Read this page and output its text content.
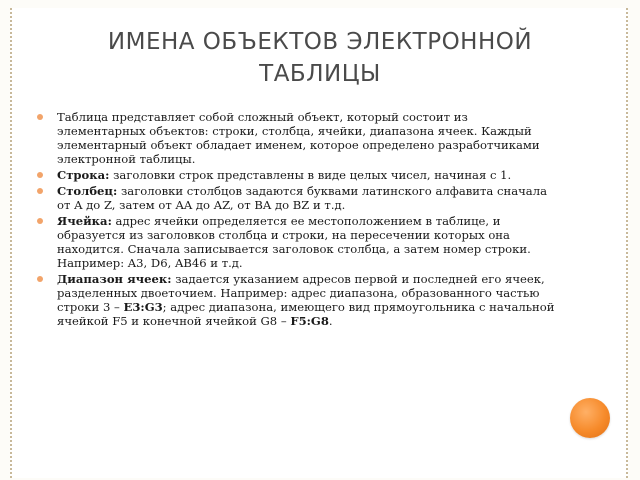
ИМЕНА ОБЪЕКТОВ ЭЛЕКТРОННОЙ
ТАБЛИЦЫ
Таблица представляет собой сложный объект, который состоит из элементарных объектов: строки, столбца, ячейки, диапазона ячеек. Каждый элементарный объект обладает именем, которое определено разработчиками электронной таблицы.
Строка: заголовки строк представлены в виде целых чисел, начиная с 1.
Столбец: заголовки столбцов задаются буквами латинского алфавита сначала от A до Z, затем от AA до AZ, от BA до BZ и т.д.
Ячейка: адрес ячейки определяется ее местоположением в таблице, и образуется из заголовков столбца и строки, на пересечении которых она находится. Сначала записывается заголовок столбца, а затем номер строки. Например: A3, D6, AB46 и т.д.
Диапазон ячеек: задается указанием адресов первой и последней его ячеек, разделенных двоеточием. Например: адрес диапазона, образованного частью строки 3 – E3:G3; адрес диапазона, имеющего вид прямоугольника с начальной ячейкой F5 и конечной ячейкой G8 – F5:G8.
